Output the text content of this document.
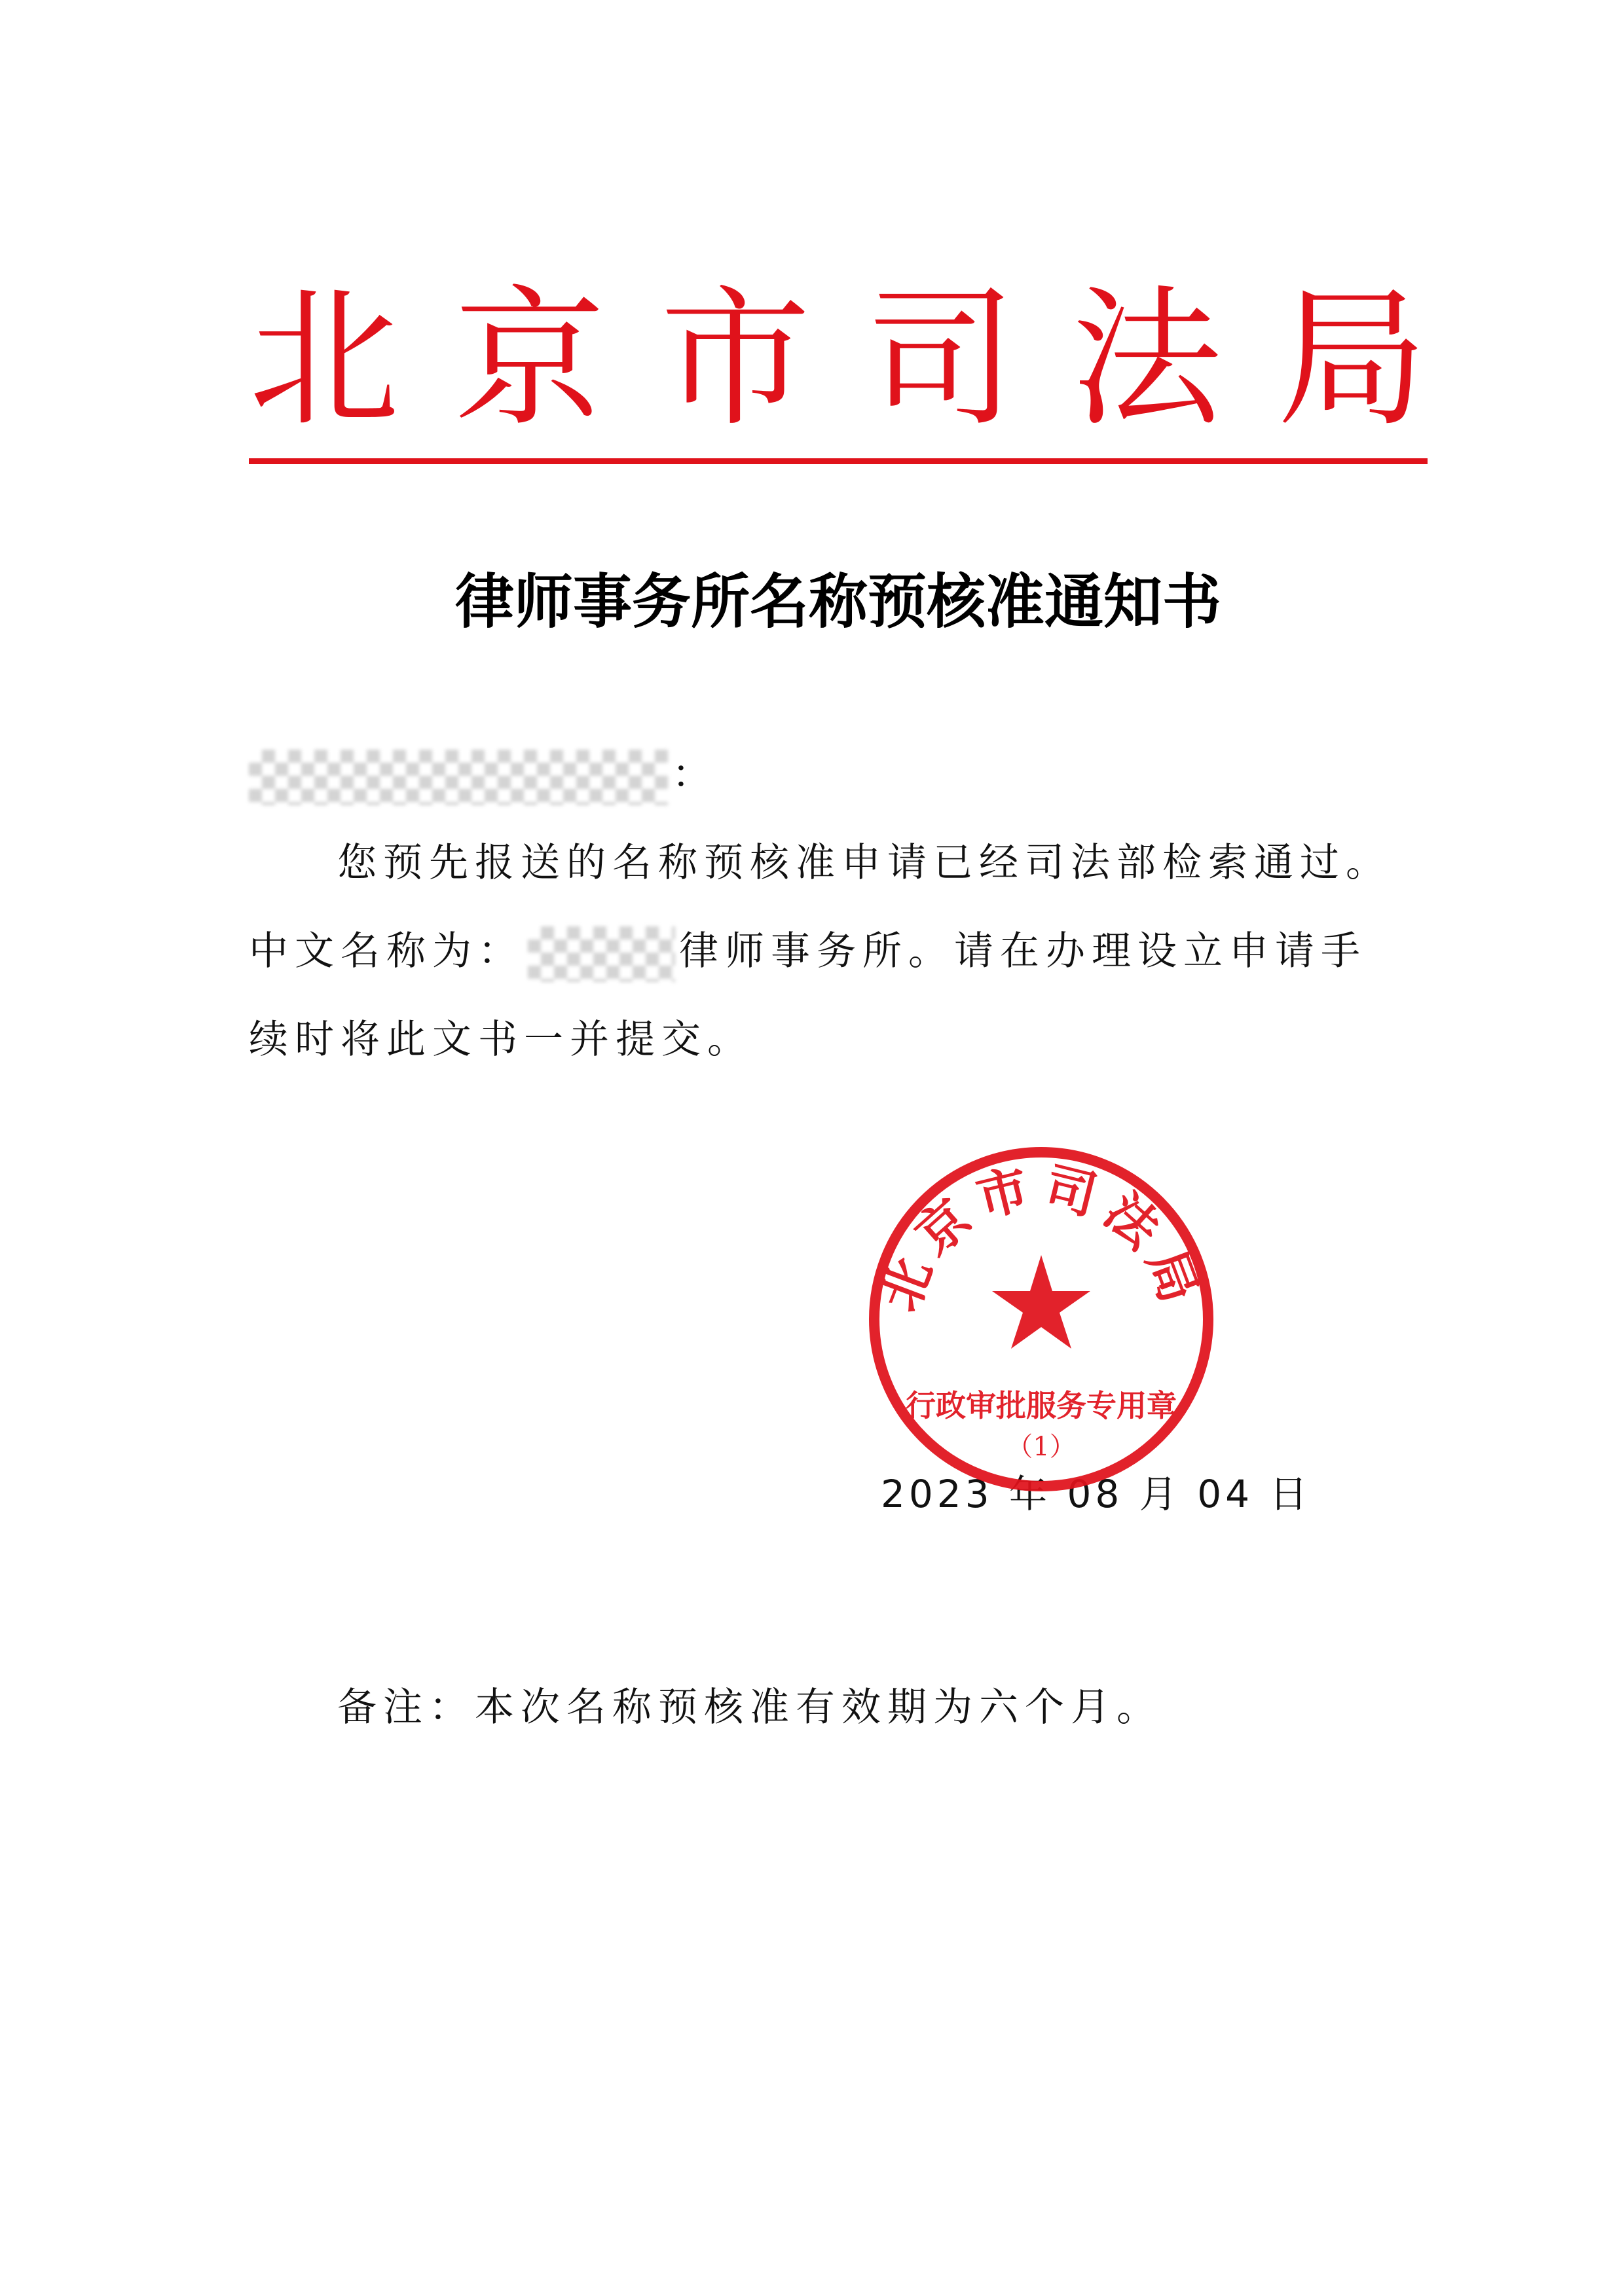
北 京 市 司 法 局
律师事务所名称预核准通知书
：
您预先报送的名称预核准申请已经司法部检索通过。
中文名称为：	律师事务所。请在办理设立申请手
续时将此文书一并提交。
2023 年 08 月 04 日
北京市司法局
行政审批服务专用章
（1）
备注：本次名称预核准有效期为六个月。
